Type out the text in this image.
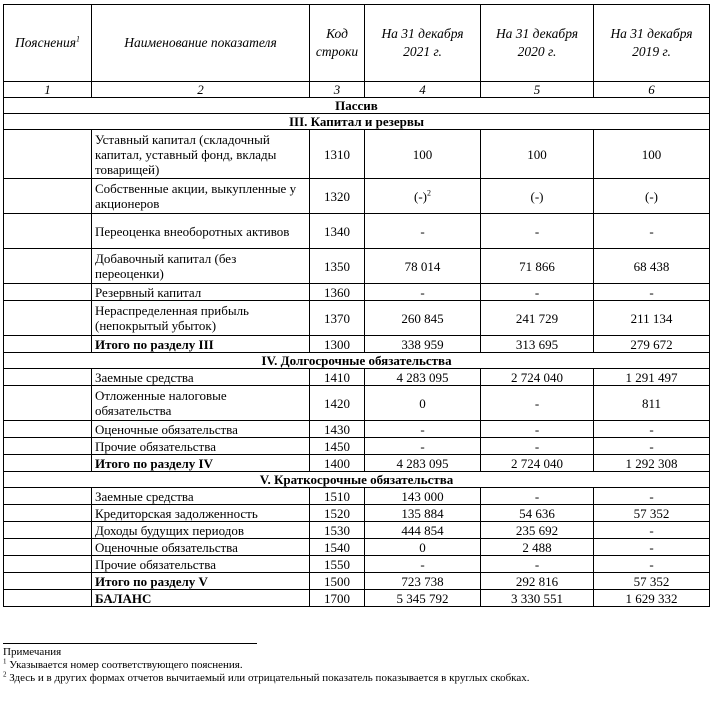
Пояснения$^1$	Наименование показателя	Код строки	На 31 декабря 2021 г.	На 31 декабря 2020 г.	На 31 декабря 2019 г.
1	2	3	4	5	6
Пассив					
III. Капитал и резервы					
	Уставный капитал (складочный капитал, уставный фонд, вклады товарищей)	1310	100	100	100
	Собственные акции, выкупленные у акционеров	1320	$(-)^2$	(-)	(-)
	Переоценка внеоборотных активов	1340	-	-	-
	Добавочный капитал (без переоценки)	1350	78 014	71 866	68 438
	Резервный капитал	1360	-	-	-
	Нераспределенная прибыль (непокрытый убыток)	1370	260 845	241 729	211 134
	Итого по разделу III	1300	338 959	313 695	279 672
IV. Долгосрочные обязательства					
	Заемные средства	1410	4 283 095	2 724 040	1 291 497
	Отложенные налоговые обязательства	1420	0	-	811
	Оценочные обязательства	1430	-	-	-
	Прочие обязательства	1450	-	-	-
	Итого по разделу IV	1400	4 283 095	2 724 040	1 292 308
V. Краткосрочные обязательства					
	Заемные средства	1510	143 000	-	-
	Кредиторская задолженность	1520	135 884	54 636	57 352
	Доходы будущих периодов	1530	444 854	235 692	-
	Оценочные обязательства	1540	0	2 488	-
	Прочие обязательства	1550	-	-	-
	Итого по разделу V	1500	723 738	292 816	57 352
	БАЛАНС	1700	5 345 792	3 330 551	1 629 332
Примечания
$^1$ Указывается номер соответствующего пояснения.
$^2$ Здесь и в других формах отчетов вычитаемый или отрицательный показатель показывается в круглых скобках.
